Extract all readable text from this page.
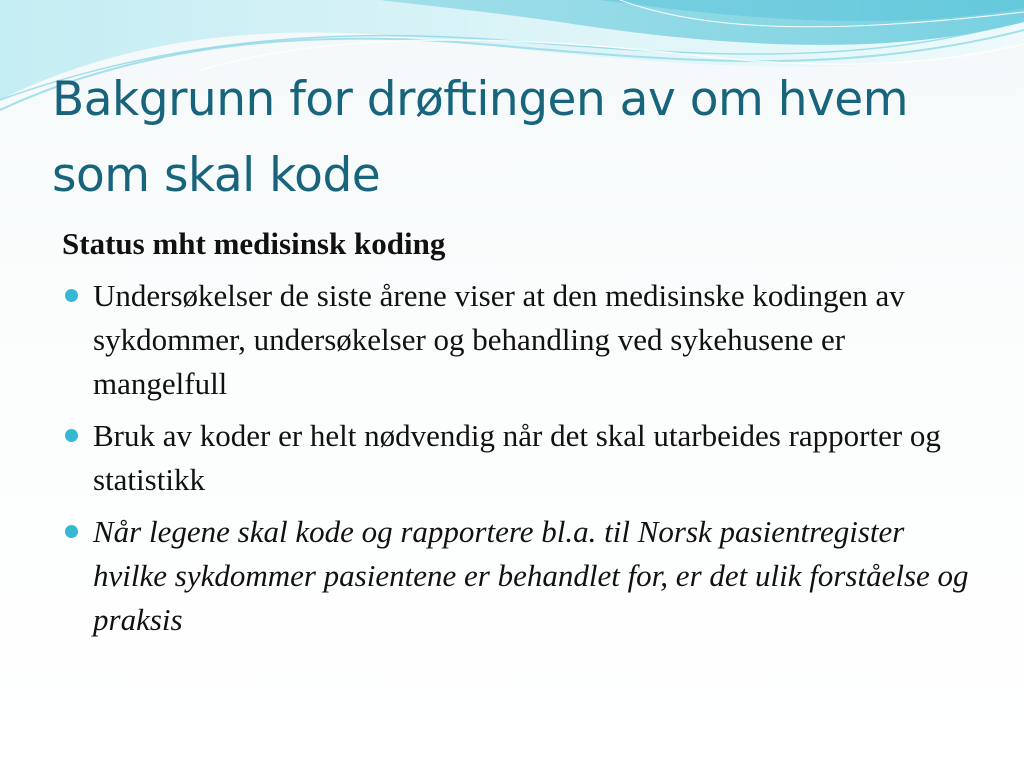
Bakgrunn for drøftingen av om hvem som skal kode
Status mht medisinsk koding
Undersøkelser de siste årene viser at den medisinske kodingen av sykdommer, undersøkelser og behandling ved sykehusene er mangelfull
Bruk av koder er helt nødvendig når det skal utarbeides rapporter og statistikk
Når legene skal kode og rapportere bl.a. til Norsk pasientregister hvilke sykdommer pasientene er behandlet for, er det ulik forståelse og praksis
